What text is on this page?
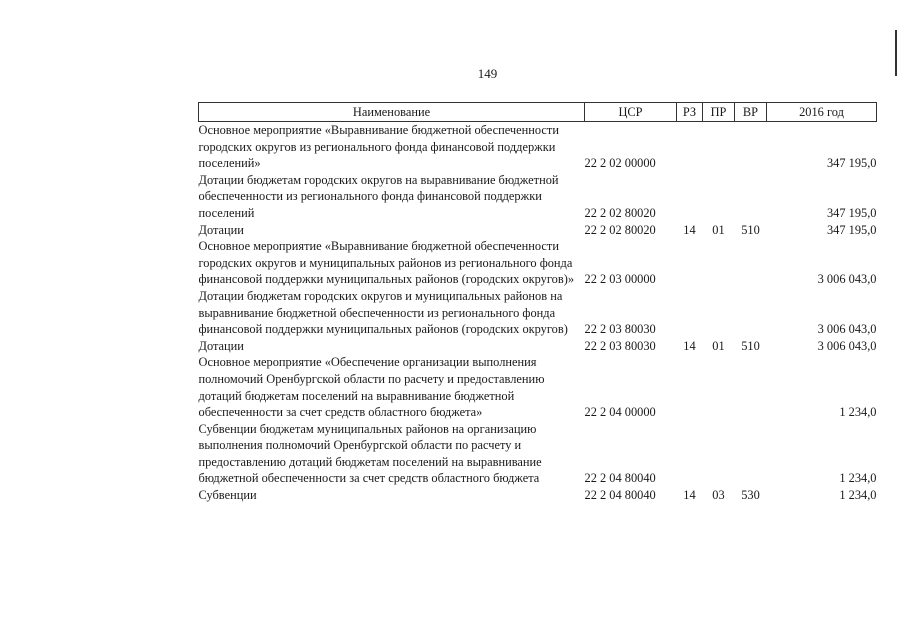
149
Наименование	ЦСР	РЗ	ПР	ВР	2016 год
Основное мероприятие «Выравнивание бюджетной обеспеченности городских округов из регионального фонда финансовой поддержки поселений»	22 2 02 00000				347 195,0
Дотации бюджетам городских округов на выравнивание бюджетной обеспеченности из регионального фонда финансовой поддержки поселений	22 2 02 80020				347 195,0
Дотации	22 2 02 80020	14	01	510	347 195,0
Основное мероприятие «Выравнивание бюджетной обеспеченности городских округов и муниципальных районов из регионального фонда финансовой поддержки муниципальных районов (городских округов)»	22 2 03 00000				3 006 043,0
Дотации бюджетам городских округов и муниципальных районов на выравнивание бюджетной обеспеченности из регионального фонда финансовой поддержки муниципальных районов (городских округов)	22 2 03 80030				3 006 043,0
Дотации	22 2 03 80030	14	01	510	3 006 043,0
Основное мероприятие «Обеспечение организации выполнения полномочий Оренбургской области по расчету и предоставлению дотаций бюджетам поселений на выравнивание бюджетной обеспеченности за счет средств областного бюджета»	22 2 04 00000				1 234,0
Субвенции бюджетам муниципальных районов на организацию выполнения полномочий Оренбургской области по расчету и предоставлению дотаций бюджетам поселений на выравнивание бюджетной обеспеченности за счет средств областного бюджета	22 2 04 80040				1 234,0
Субвенции	22 2 04 80040	14	03	530	1 234,0
